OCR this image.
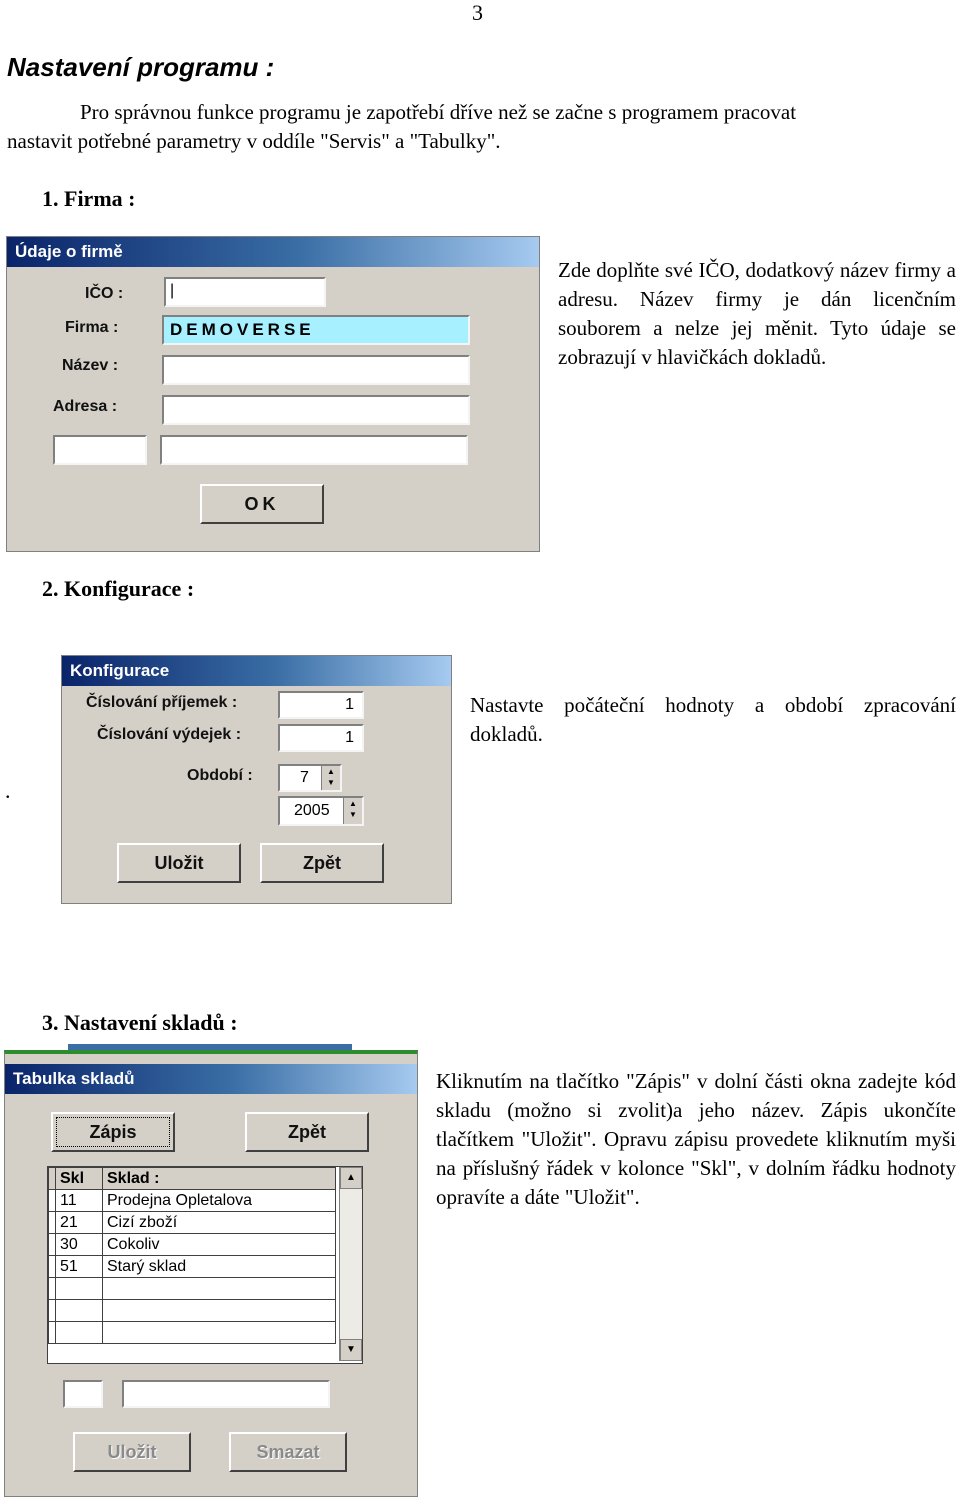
3
Nastavení programu :
Pro správnou funkce programu je zapotřebí dříve než se začne s programem pracovat
nastavit potřebné parametry v oddíle "Servis" a "Tabulky".
1. Firma :
Údaje o firmě
IČO :	|
Firma :	DEMOVERSE
Název :
Adresa :
OK
Zde doplňte své IČO, dodatkový název firmy a adresu. Název firmy je dán licenčním souborem a nelze jej měnit. Tyto údaje se zobrazují v hlavičkách dokladů.
2. Konfigurace :
.
Konfigurace
Číslování příjemek :	1
Číslování výdejek :	1
Období :	7	▲
▼
2005	▲
▼
Uložit	Zpět
Nastavte počáteční hodnoty a období zpracování dokladů.
3. Nastavení skladů :
Tabulka skladů
Zápis	Zpět
	Skl	Sklad :
	11	Prodejna Opletalova
	21	Cizí zboží
	30	Cokoliv
	51	Starý sklad

▲
▼
Uložit	Smazat
Kliknutím na tlačítko "Zápis" v dolní části okna zadejte kód skladu (možno si zvolit)a jeho název. Zápis ukončíte tlačítkem "Uložit". Opravu zápisu provedete kliknutím myši na příslušný řádek v kolonce "Skl", v dolním řádku hodnoty opravíte a dáte "Uložit".
